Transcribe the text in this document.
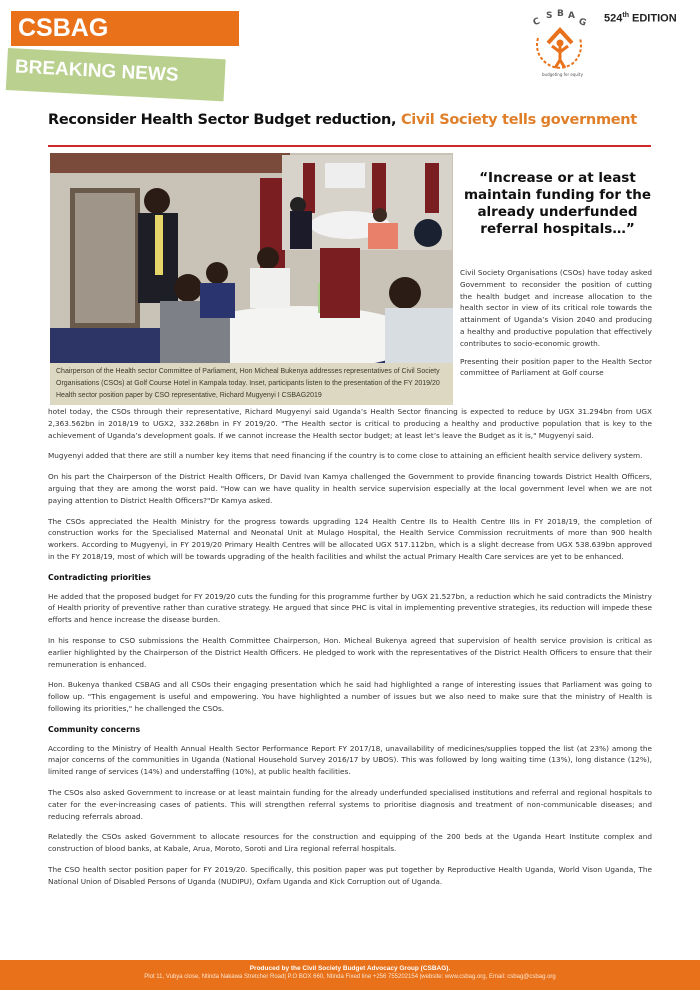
CSBAG
BREAKING NEWS
C
S B A
G
budgeting for equity
524th EDITION
Reconsider Health Sector Budget reduction, Civil Society tells government
Chairperson of the Health sector Committee of Parliament, Hon Micheal Bukenya addresses representatives of Civil Society Organisations (CSOs) at Golf Course Hotel in Kampala today. Inset, participants listen to the presentation of the FY 2019/20 Health sector position paper by CSO representative, Richard Mugyenyi I CSBAG2019
“Increase or at least maintain funding for the already underfunded referral hospitals…”

Civil Society Organisations (CSOs) have today asked Government to reconsider the position of cutting the health budget and increase allocation to the health sector in view of its critical role towards the attainment of Uganda’s Vision 2040 and producing a healthy and productive population that effectively contributes to socio-economic growth.

Presenting their position paper to the Health Sector committee of Parliament at Golf course

hotel today, the CSOs through their representative, Richard Mugyenyi said Uganda’s Health Sector financing is expected to reduce by UGX 31.294bn from UGX 2,363.562bn in 2018/19 to UGX2, 332.268bn in FY 2019/20. "The Health sector is critical to producing a healthy and productive population that is key to the achievement of Uganda’s development goals. If we cannot increase the Health sector budget; at least let’s leave the Budget as it is," Mugyenyi said.

Mugyenyi added that there are still a number key items that need financing if the country is to come close to attaining an efficient health service delivery system.

On his part the Chairperson of the District Health Officers, Dr David Ivan Kamya challenged the Government to provide financing towards District Health Officers, arguing that they are among the worst paid. "How can we have quality in health service supervision especially at the local government level when we are not paying attention to District Health Officers?"Dr Kamya asked.

The CSOs appreciated the Health Ministry for the progress towards upgrading 124 Health Centre IIs to Health Centre IIIs in FY 2018/19, the completion of construction works for the Specialised Maternal and Neonatal Unit at Mulago Hospital, the Health Service Commission recruitments of more than 900 health workers. According to Mugyenyi, in FY 2019/20 Primary Health Centres will be allocated UGX 517.112bn, which is a slight decrease from UGX 538.639bn approved in the FY 2018/19, most of which will be towards upgrading of the health facilities and whilst the actual Primary Health Care services are yet to be enhanced.

Contradicting priorities

He added that the proposed budget for FY 2019/20 cuts the funding for this programme further by UGX 21.527bn, a reduction which he said contradicts the Ministry of Health priority of preventive rather than curative strategy. He argued that since PHC is vital in implementing preventive strategies, its reduction will impede these efforts and hence increase the disease burden.

In his response to CSO submissions the Health Committee Chairperson, Hon. Micheal Bukenya agreed that supervision of health service provision is critical as earlier highlighted by the Chairperson of the District Health Officers. He pledged to work with the representatives of the District Health Officers to ensure that their remuneration is enhanced.

Hon. Bukenya thanked CSBAG and all CSOs their engaging presentation which he said had highlighted a range of interesting issues that Parliament was going to follow up. "This engagement is useful and empowering. You have highlighted a number of issues but we also need to make sure that the ministry of Health is following its priorities," he challenged the CSOs.

Community concerns

According to the Ministry of Health Annual Health Sector Performance Report FY 2017/18, unavailability of medicines/supplies topped the list (at 23%) among the major concerns of the communities in Uganda (National Household Survey 2016/17 by UBOS). This was followed by long waiting time (13%), long distance (12%), limited range of services (14%) and understaffing (10%), at public health facilities.

The CSOs also asked Government to increase or at least maintain funding for the already underfunded specialised institutions and referral and regional hospitals to cater for the ever-increasing cases of patients. This will strengthen referral systems to prioritise diagnosis and treatment of non-communicable diseases; and reducing referrals abroad.

Relatedly the CSOs asked Government to allocate resources for the construction and equipping of the 200 beds at the Uganda Heart Institute complex and construction of blood banks, at Kabale, Arua, Moroto, Soroti and Lira regional referral hospitals.

The CSO health sector position paper for FY 2019/20. Specifically, this position paper was put together by Reproductive Health Uganda, World Vison Uganda, The National Union of Disabled Persons of Uganda (NUDIPU), Oxfam Uganda and Kick Corruption out of Uganda.

Produced by the Civil Society Budget Advocacy Group (CSBAG).
Plot 11, Vubya close, Ntinda Nakawa Stretcher Road| P.O BOX 660, Ntinda Fixed line +256 755202154 |website: www.csbag.org, Email: csbag@csbag.org
